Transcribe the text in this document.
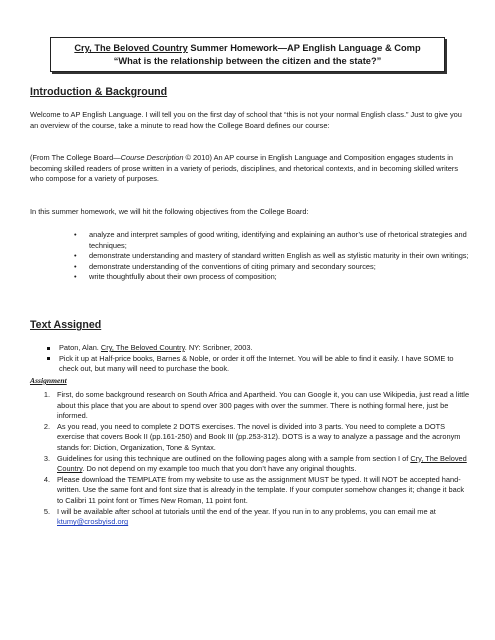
Cry, The Beloved Country Summer Homework—AP English Language & Comp
“What is the relationship between the citizen and the state?”
Introduction & Background

Welcome to AP English Language. I will tell you on the first day of school that “this is not your normal English class.” Just to give you an overview of the course, take a minute to read how the College Board defines our course:

(From The College Board—Course Description © 2010) An AP course in English Language and Composition engages students in becoming skilled readers of prose written in a variety of periods, disciplines, and rhetorical contexts, and in becoming skilled writers who compose for a variety of purposes.

In this summer homework, we will hit the following objectives from the College Board:

• analyze and interpret samples of good writing, identifying and explaining an author’s use of rhetorical strategies and techniques;
• demonstrate understanding and mastery of standard written English as well as stylistic maturity in their own writings;
• demonstrate understanding of the conventions of citing primary and secondary sources;
• write thoughtfully about their own process of composition;
Text Assigned
Paton, Alan. Cry, The Beloved Country. NY: Scribner, 2003.
Pick it up at Half-price books, Barnes & Noble, or order it off the Internet. You will be able to find it easily. I have SOME to check out, but many will need to purchase the book.
Assignment
1. First, do some background research on South Africa and Apartheid. You can Google it, you can use Wikipedia, just read a little about this place that you are about to spend over 300 pages with over the summer. There is nothing formal here, just be informed.
2. As you read, you need to complete 2 DOTS exercises. The novel is divided into 3 parts. You need to complete a DOTS exercise that covers Book II (pp.161-250) and Book III (pp.253-312). DOTS is a way to analyze a passage and the acronym stands for: Diction, Organization, Tone & Syntax.
3. Guidelines for using this technique are outlined on the following pages along with a sample from section I of Cry, The Beloved Country. Do not depend on my example too much that you don’t have any original thoughts.
4. Please download the TEMPLATE from my website to use as the assignment MUST be typed. It will NOT be accepted hand-written. Use the same font and font size that is already in the template. If your computer somehow changes it; change it back to Calibri 11 point font or Times New Roman, 11 point font.
5. I will be available after school at tutorials until the end of the year. If you run in to any problems, you can email me at ktumy@crosbyisd.org
